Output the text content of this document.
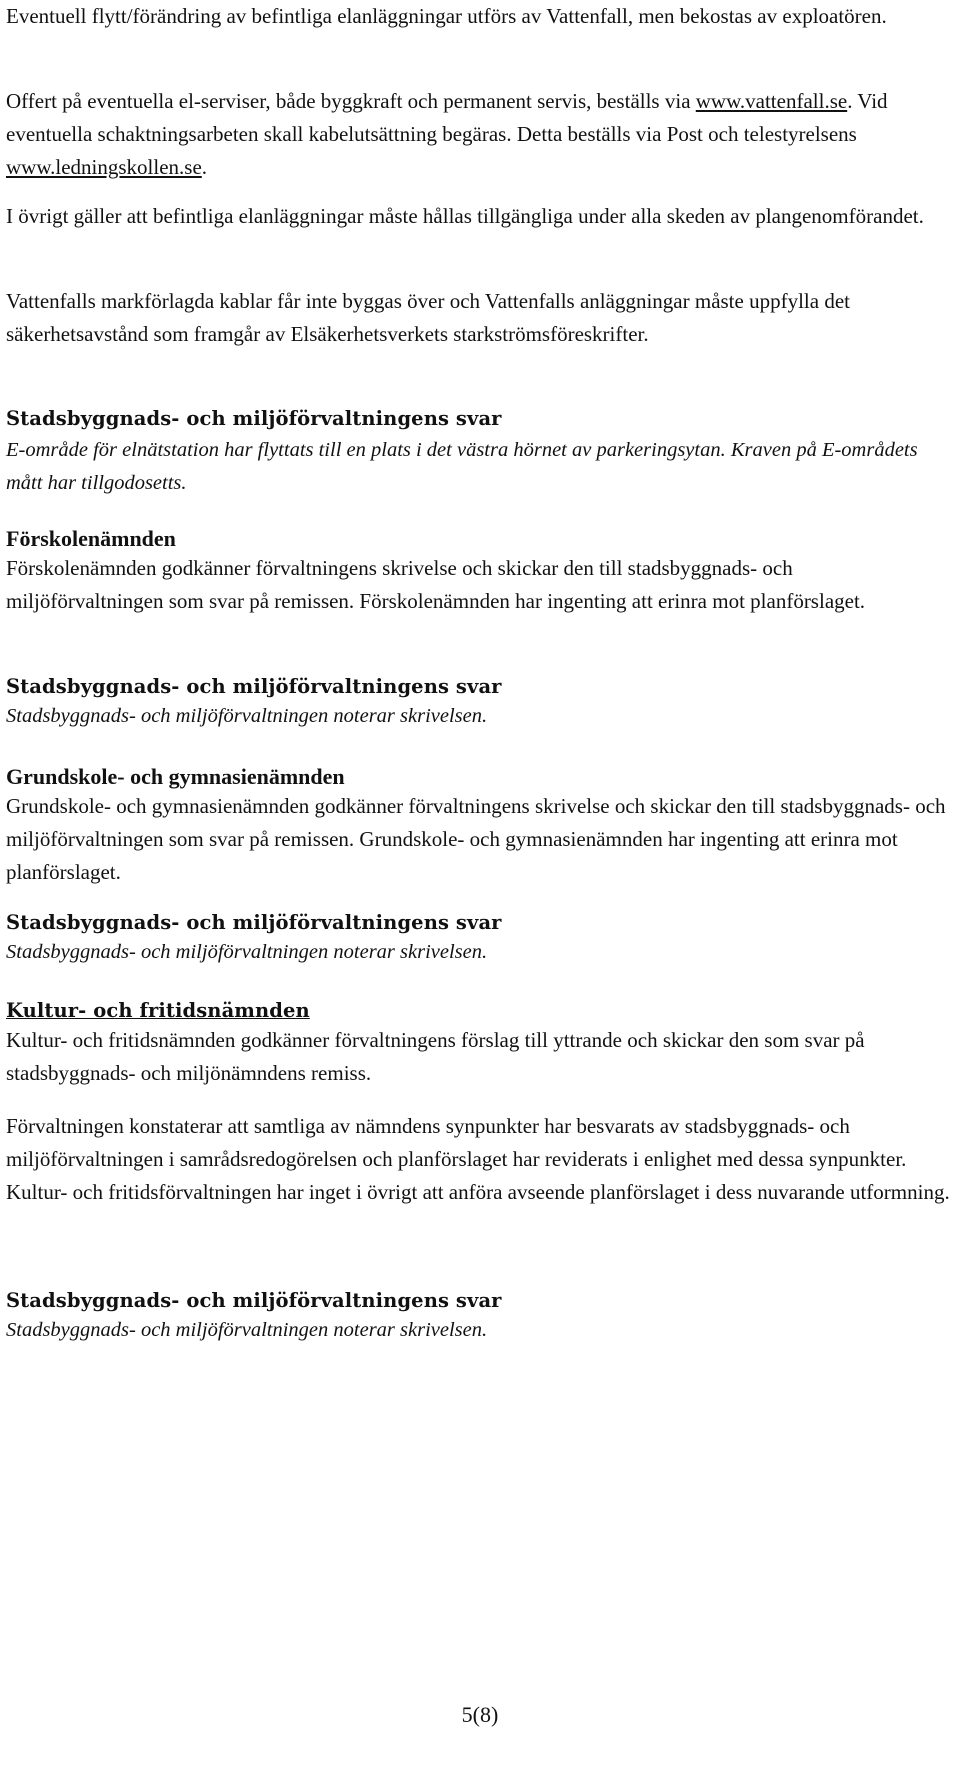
Eventuell flytt/förändring av befintliga elanläggningar utförs av Vattenfall, men bekostas av exploatören.

Offert på eventuella el-serviser, både byggkraft och permanent servis, beställs via www.vattenfall.se. Vid eventuella schaktningsarbeten skall kabelutsättning begäras. Detta beställs via Post och telestyrelsens www.ledningskollen.se.

I övrigt gäller att befintliga elanläggningar måste hållas tillgängliga under alla skeden av plangenomförandet.

Vattenfalls markförlagda kablar får inte byggas över och Vattenfalls anläggningar måste uppfylla det säkerhetsavstånd som framgår av Elsäkerhetsverkets starkströmsföreskrifter.

Stadsbyggnads- och miljöförvaltningens svar

E-område för elnätstation har flyttats till en plats i det västra hörnet av parkeringsytan. Kraven på E-områdets mått har tillgodosetts.

Förskolenämnden

Förskolenämnden godkänner förvaltningens skrivelse och skickar den till stadsbyggnads- och miljöförvaltningen som svar på remissen. Förskolenämnden har ingenting att erinra mot planförslaget.

Stadsbyggnads- och miljöförvaltningens svar

Stadsbyggnads- och miljöförvaltningen noterar skrivelsen.

Grundskole- och gymnasienämnden

Grundskole- och gymnasienämnden godkänner förvaltningens skrivelse och skickar den till stadsbyggnads- och miljöförvaltningen som svar på remissen. Grundskole- och gymnasienämnden har ingenting att erinra mot planförslaget.

Stadsbyggnads- och miljöförvaltningens svar

Stadsbyggnads- och miljöförvaltningen noterar skrivelsen.

Kultur- och fritidsnämnden

Kultur- och fritidsnämnden godkänner förvaltningens förslag till yttrande och skickar den som svar på stadsbyggnads- och miljönämndens remiss.

Förvaltningen konstaterar att samtliga av nämndens synpunkter har besvarats av stadsbyggnads- och miljöförvaltningen i samrådsredogörelsen och planförslaget har reviderats i enlighet med dessa synpunkter. Kultur- och fritidsförvaltningen har inget i övrigt att anföra avseende planförslaget i dess nuvarande utformning.

Stadsbyggnads- och miljöförvaltningens svar

Stadsbyggnads- och miljöförvaltningen noterar skrivelsen.

5(8)
